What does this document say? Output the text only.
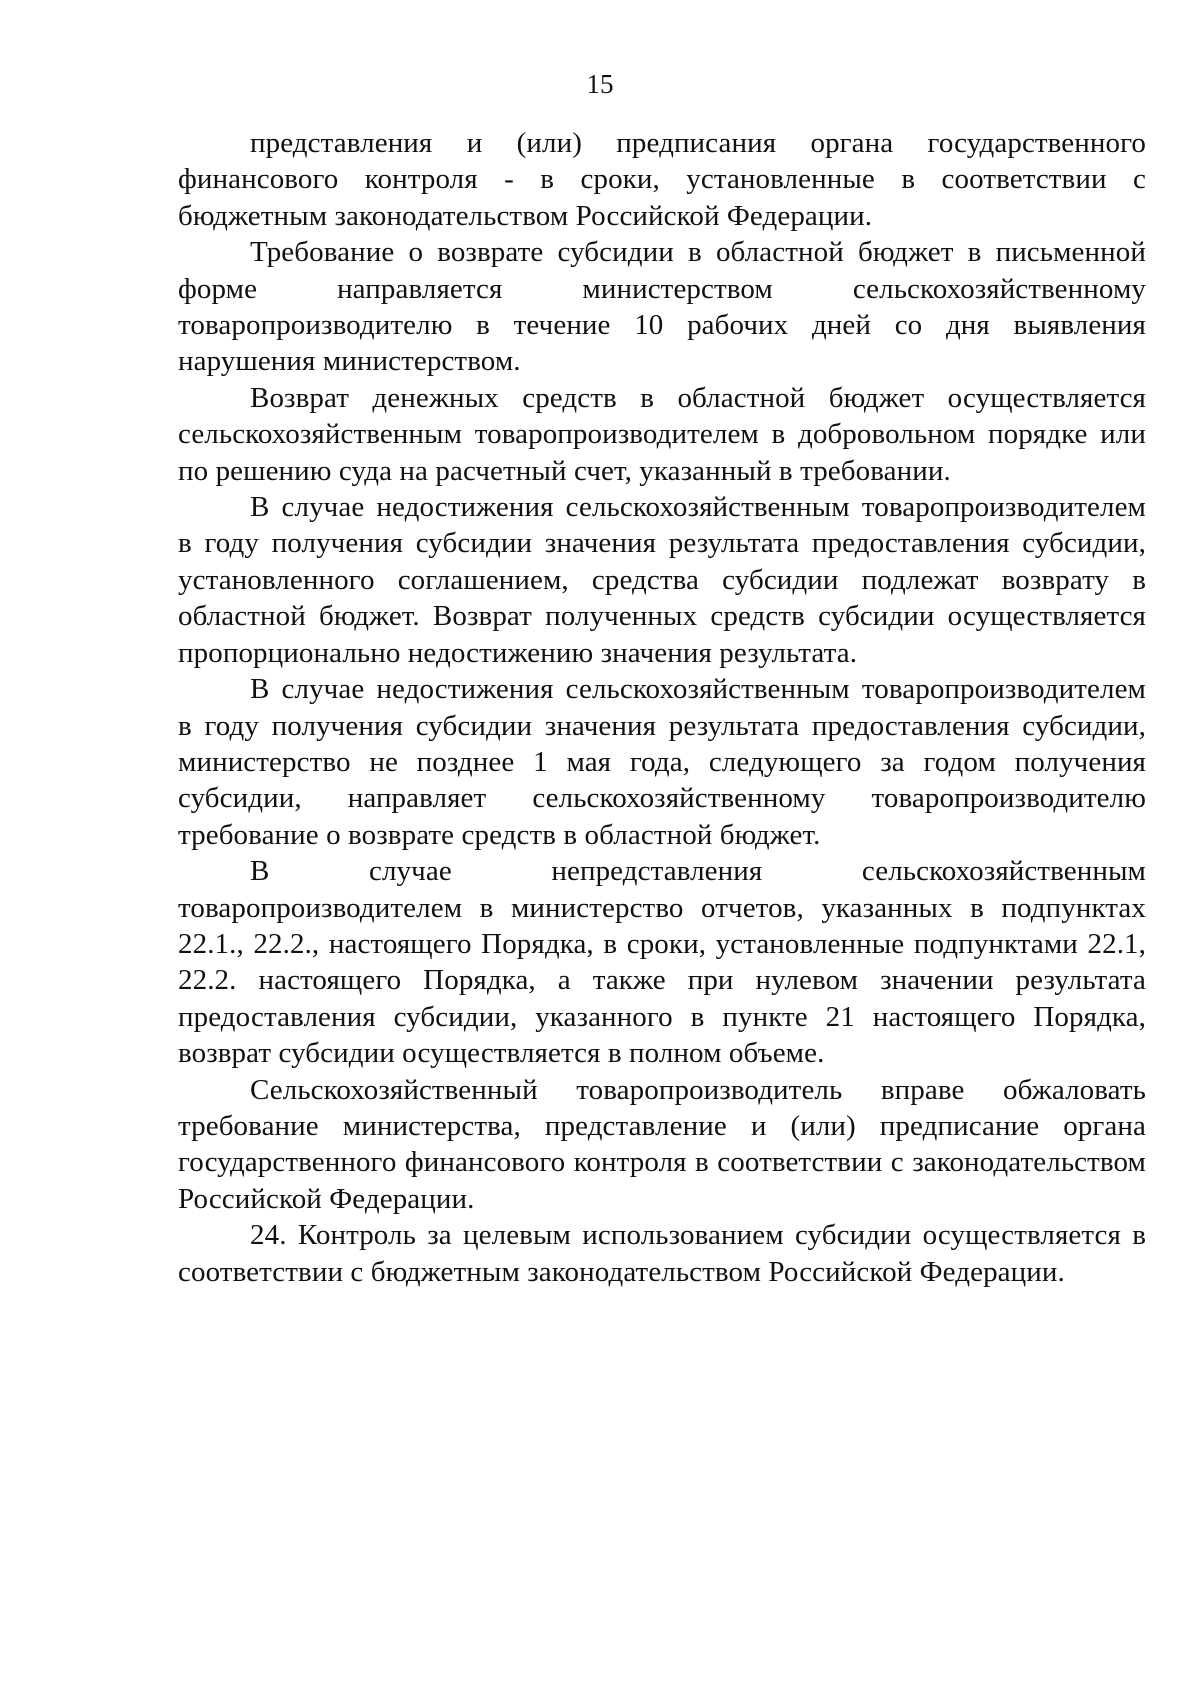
15

представления и (или) предписания органа государственного финансового контроля - в сроки, установленные в соответствии с бюджетным законодательством Российской Федерации.

Требование о возврате субсидии в областной бюджет в письменной форме направляется министерством сельскохозяйственному товаропроизводителю в течение 10 рабочих дней со дня выявления нарушения министерством.

Возврат денежных средств в областной бюджет осуществляется сельскохозяйственным товаропроизводителем в добровольном порядке или по решению суда на расчетный счет, указанный в требовании.

В случае недостижения сельскохозяйственным товаропроизводителем в году получения субсидии значения результата предоставления субсидии, установленного соглашением, средства субсидии подлежат возврату в областной бюджет. Возврат полученных средств субсидии осуществляется пропорционально недостижению значения результата.

В случае недостижения сельскохозяйственным товаропроизводителем в году получения субсидии значения результата предоставления субсидии, министерство не позднее 1 мая года, следующего за годом получения субсидии, направляет сельскохозяйственному товаропроизводителю требование о возврате средств в областной бюджет.

В случае непредставления сельскохозяйственным товаропроизводителем в министерство отчетов, указанных в подпунктах 22.1., 22.2., настоящего Порядка, в сроки, установленные подпунктами 22.1, 22.2. настоящего Порядка, а также при нулевом значении результата предоставления субсидии, указанного в пункте 21 настоящего Порядка, возврат субсидии осуществляется в полном объеме.

Сельскохозяйственный товаропроизводитель вправе обжаловать требование министерства, представление и (или) предписание органа государственного финансового контроля в соответствии с законодательством Российской Федерации.

24. Контроль за целевым использованием субсидии осуществляется в соответствии с бюджетным законодательством Российской Федерации.
